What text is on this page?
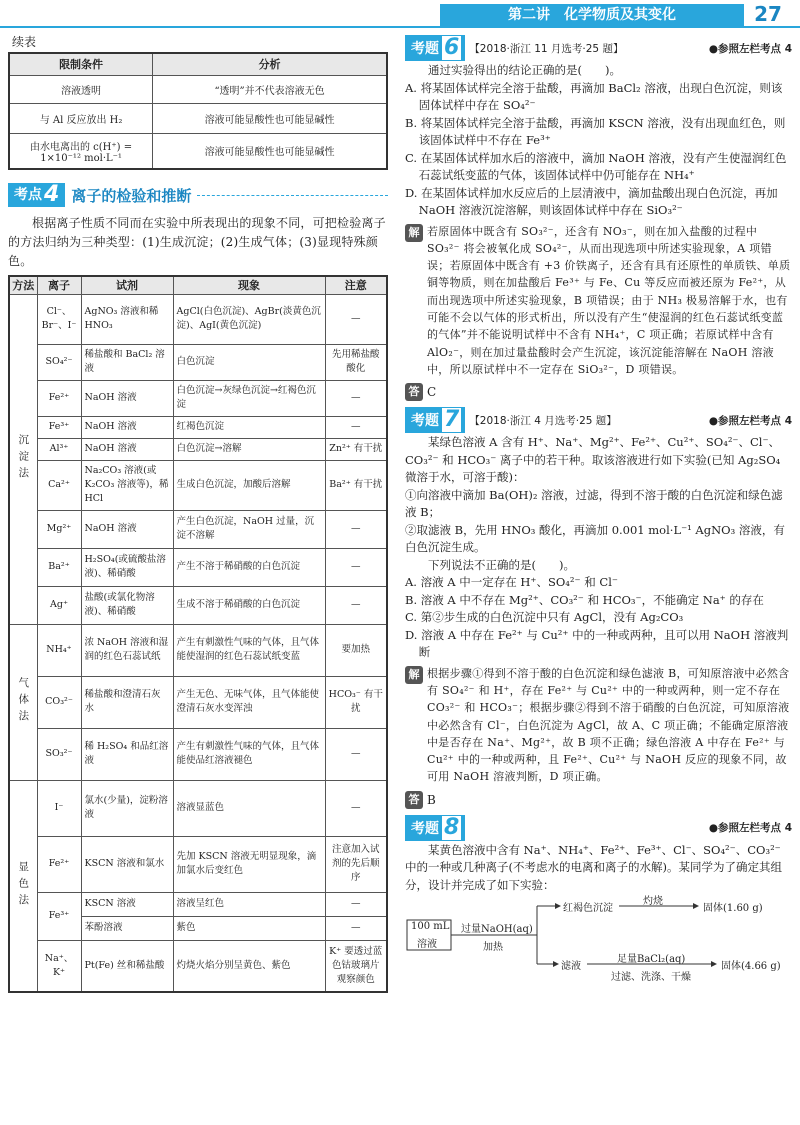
第二讲　化学物质及其变化	27
续表
限制条件	分析
溶液透明	“透明”并不代表溶液无色
与 Al 反应放出 H₂	溶液可能显酸性也可能显碱性
由水电离出的 c(H⁺) = 1×10⁻¹² mol·L⁻¹	溶液可能显酸性也可能显碱性
考点 4 离子的检验和推断

根据离子性质不同而在实验中所表现出的现象不同，可把检验离子的方法归纳为三种类型：(1)生成沉淀；(2)生成气体；(3)显现特殊颜色。

方法	离子	试剂	现象	注意
沉淀法	Cl⁻、Br⁻、I⁻	AgNO₃ 溶液和稀 HNO₃	AgCl(白色沉淀)、AgBr(淡黄色沉淀)、AgI(黄色沉淀)	—
	SO₄²⁻	稀盐酸和 BaCl₂ 溶液	白色沉淀	先用稀盐酸酸化
	Fe²⁺	NaOH 溶液	白色沉淀→灰绿色沉淀→红褐色沉淀	—
	Fe³⁺	NaOH 溶液	红褐色沉淀	—
	Al³⁺	NaOH 溶液	白色沉淀→溶解	Zn²⁺ 有干扰
	Ca²⁺	Na₂CO₃ 溶液(或 K₂CO₃ 溶液等)，稀 HCl	生成白色沉淀，加酸后溶解	Ba²⁺ 有干扰
	Mg²⁺	NaOH 溶液	产生白色沉淀，NaOH 过量，沉淀不溶解	—
	Ba²⁺	H₂SO₄(或硫酸盐溶液)、稀硝酸	产生不溶于稀硝酸的白色沉淀	—
	Ag⁺	盐酸(或氯化物溶液)、稀硝酸	生成不溶于稀硝酸的白色沉淀	—
气体法	NH₄⁺	浓 NaOH 溶液和湿润的红色石蕊试纸	产生有刺激性气味的气体，且气体能使湿润的红色石蕊试纸变蓝	要加热
	CO₃²⁻	稀盐酸和澄清石灰水	产生无色、无味气体，且气体能使澄清石灰水变浑浊	HCO₃⁻ 有干扰
	SO₃²⁻	稀 H₂SO₄ 和品红溶液	产生有刺激性气味的气体，且气体能使品红溶液褪色	—
显色法	I⁻	氯水(少量)，淀粉溶液	溶液显蓝色	—
	Fe²⁺	KSCN 溶液和氯水	先加 KSCN 溶液无明显现象，滴加氯水后变红色	注意加入试剂的先后顺序
	Fe³⁺	KSCN 溶液	溶液呈红色	—
		苯酚溶液	紫色	—
	Na⁺、K⁺	Pt(Fe) 丝和稀盐酸	灼烧火焰分别呈黄色、紫色	K⁺ 要透过蓝色钴玻璃片观察颜色
考题 6 【2018·浙江 11 月选考·25 题】	●参照左栏考点 4

通过实验得出的结论正确的是(　　)。

A. 将某固体试样完全溶于盐酸，再滴加 BaCl₂ 溶液，出现白色沉淀，则该固体试样中存在 SO₄²⁻

B. 将某固体试样完全溶于盐酸，再滴加 KSCN 溶液，没有出现血红色，则该固体试样中不存在 Fe³⁺

C. 在某固体试样加水后的溶液中，滴加 NaOH 溶液，没有产生使湿润红色石蕊试纸变蓝的气体，该固体试样中仍可能存在 NH₄⁺

D. 在某固体试样加水反应后的上层清液中，滴加盐酸出现白色沉淀，再加 NaOH 溶液沉淀溶解，则该固体试样中存在 SiO₃²⁻

解 若原固体中既含有 SO₃²⁻，还含有 NO₃⁻，则在加入盐酸的过程中 SO₃²⁻ 将会被氧化成 SO₄²⁻，从而出现选项中所述实验现象，A 项错误；若原固体中既含有 +3 价铁离子，还含有具有还原性的单质铁、单质铜等物质，则在加盐酸后 Fe³⁺ 与 Fe、Cu 等反应而被还原为 Fe²⁺，从而出现选项中所述实验现象，B 项错误；由于 NH₃ 极易溶解于水，也有可能不会以气体的形式析出，所以没有产生“使湿润的红色石蕊试纸变蓝的气体”并不能说明试样中不含有 NH₄⁺，C 项正确；若原试样中含有 AlO₂⁻，则在加过量盐酸时会产生沉淀，该沉淀能溶解在 NaOH 溶液中，所以原试样中不一定存在 SiO₃²⁻，D 项错误。

答 C
考题 7 【2018·浙江 4 月选考·25 题】	●参照左栏考点 4

某绿色溶液 A 含有 H⁺、Na⁺、Mg²⁺、Fe²⁺、Cu²⁺、SO₄²⁻、Cl⁻、CO₃²⁻ 和 HCO₃⁻ 离子中的若干种。取该溶液进行如下实验(已知 Ag₂SO₄ 微溶于水，可溶于酸)：

①向溶液中滴加 Ba(OH)₂ 溶液，过滤，得到不溶于酸的白色沉淀和绿色滤液 B；

②取滤液 B，先用 HNO₃ 酸化，再滴加 0.001 mol·L⁻¹ AgNO₃ 溶液，有白色沉淀生成。

下列说法不正确的是(　　)。

A. 溶液 A 中一定存在 H⁺、SO₄²⁻ 和 Cl⁻

B. 溶液 A 中不存在 Mg²⁺、CO₃²⁻ 和 HCO₃⁻，不能确定 Na⁺ 的存在

C. 第②步生成的白色沉淀中只有 AgCl，没有 Ag₂CO₃

D. 溶液 A 中存在 Fe²⁺ 与 Cu²⁺ 中的一种或两种，且可以用 NaOH 溶液判断

解 根据步骤①得到不溶于酸的白色沉淀和绿色滤液 B，可知原溶液中必然含有 SO₄²⁻ 和 H⁺，存在 Fe²⁺ 与 Cu²⁺ 中的一种或两种，则一定不存在 CO₃²⁻ 和 HCO₃⁻；根据步骤②得到不溶于硝酸的白色沉淀，可知原溶液中必然含有 Cl⁻，白色沉淀为 AgCl，故 A、C 项正确；不能确定原溶液中是否存在 Na⁺、Mg²⁺，故 B 项不正确；绿色溶液 A 中存在 Fe²⁺ 与 Cu²⁺ 中的一种或两种，且 Fe²⁺、Cu²⁺ 与 NaOH 反应的现象不同，故可用 NaOH 溶液判断，D 项正确。

答 B
考题 8	●参照左栏考点 4

某黄色溶液中含有 Na⁺、NH₄⁺、Fe²⁺、Fe³⁺、Cl⁻、SO₄²⁻、CO₃²⁻ 中的一种或几种离子(不考虑水的电离和离子的水解)。某同学为了确定其组分，设计并完成了如下实验：

100 mL
溶液
过量NaOH(aq)
加热
红褐色沉淀
灼烧
固体(1.60 g)
滤液
足量BaCl₂(aq)
固体(4.66 g)
过滤、洗涤、干燥
